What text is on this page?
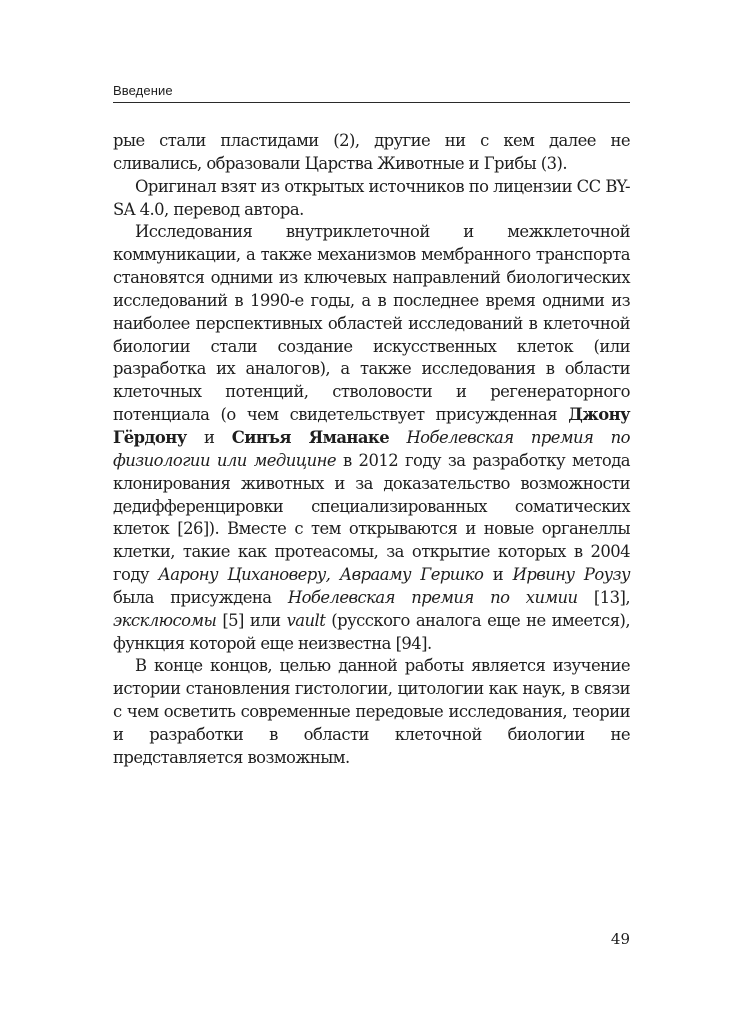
Введение

рые стали пластидами (2), другие ни с кем далее не сливались, образовали Царства Животные и Грибы (3).

Оригинал взят из открытых источников по лицензии CC BY-SA 4.0, перевод автора.

Исследования внутриклеточной и межклеточной коммуникации, а также механизмов мембранного транспорта становятся одними из ключевых направлений биологических исследований в 1990-е годы, а в последнее время одними из наиболее перспективных областей исследований в клеточной биологии стали создание искусственных клеток (или разработка их аналогов), а также исследования в области клеточных потенций, стволовости и регенераторного потенциала (о чем свидетельствует присужденная Джону Гёрдону и Синъя Яманаке Нобелевская премия по физиологии или медицине в 2012 году за разработку метода клонирования животных и за доказательство возможности дедифференцировки специализированных соматических клеток [26]). Вместе с тем открываются и новые органеллы клетки, такие как протеасомы, за открытие которых в 2004 году Аарону Цихановеру, Аврааму Гершко и Ирвину Роузу была присуждена Нобелевская премия по химии [13], эксклюсомы [5] или vault (русского аналога еще не имеется), функция которой еще неизвестна [94].

В конце концов, целью данной работы является изучение истории становления гистологии, цитологии как наук, в связи с чем осветить современные передовые исследования, теории и разработки в области клеточной биологии не представляется возможным.

49
